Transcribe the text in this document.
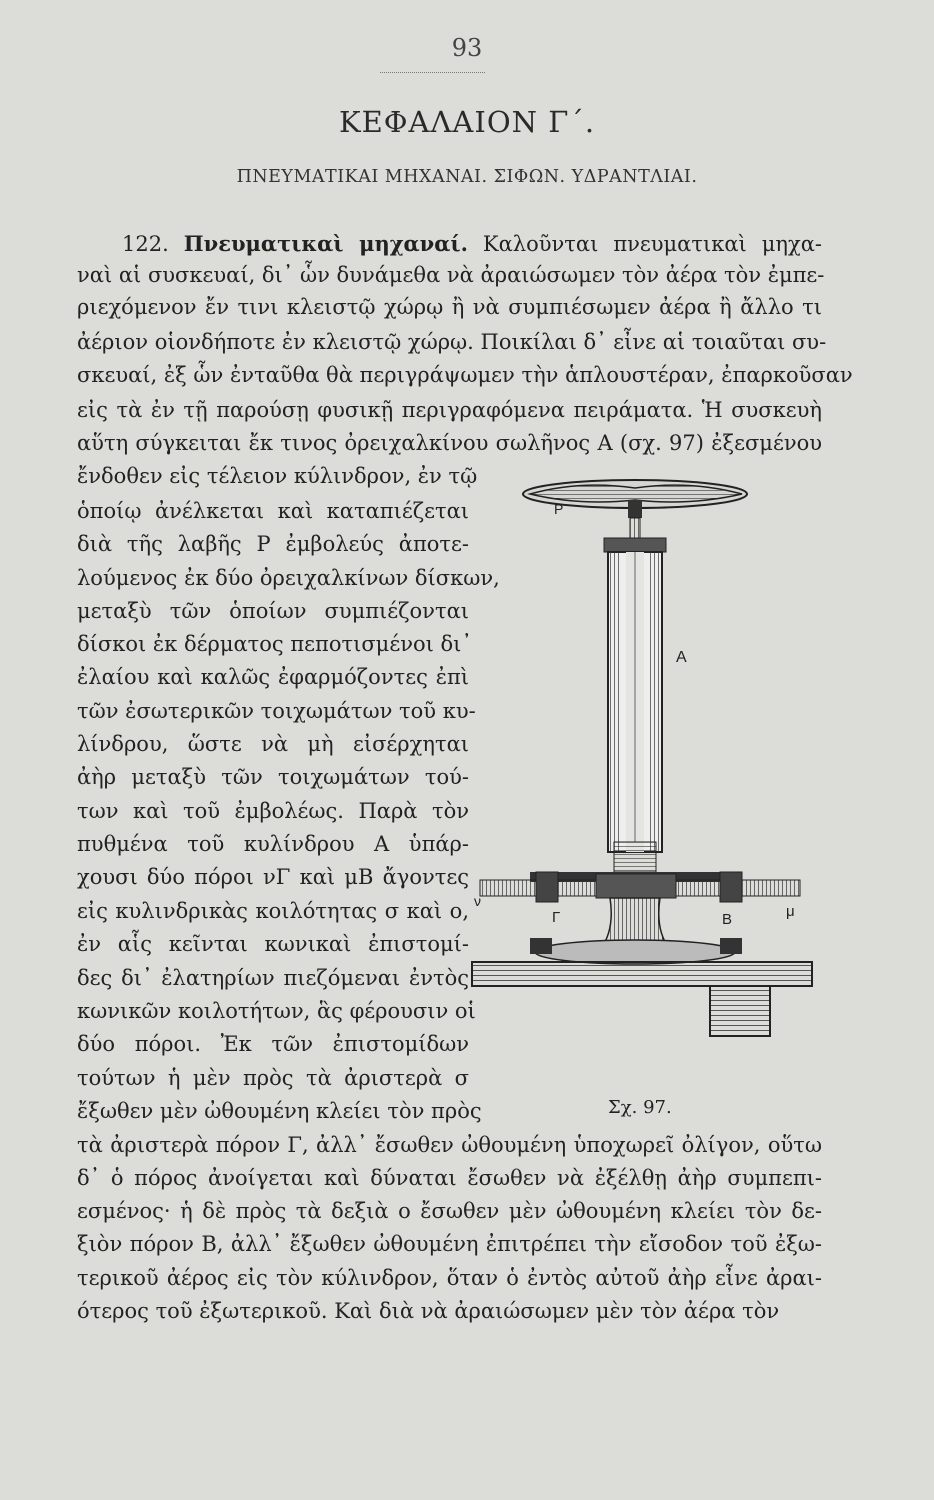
93
ΚΕΦΑΛΑΙΟΝ Γ΄.
ΠΝΕΥΜΑΤΙΚΑΙ ΜΗΧΑΝΑΙ. ΣΙΦΩΝ. ΥΔΡΑΝΤΛΙΑΙ.
122. Πνευματικαὶ μηχαναί. Καλοῦνται πνευματικαὶ μηχα-
ναὶ αἱ συσκευαί, δι᾽ ὧν δυνάμεθα νὰ ἀραιώσωμεν τὸν ἀέρα τὸν ἐμπε-
ριεχόμενον ἔν τινι κλειστῷ χώρῳ ἢ νὰ συμπιέσωμεν ἀέρα ἢ ἄλλο τι
ἀέριον οἱονδήποτε ἐν κλειστῷ χώρῳ. Ποικίλαι δ᾽ εἶνε αἱ τοιαῦται συ-
σκευαί, ἐξ ὧν ἐνταῦθα θὰ περιγράψωμεν τὴν ἁπλουστέραν, ἐπαρκοῦσαν
εἰς τὰ ἐν τῇ παρούσῃ φυσικῇ περιγραφόμενα πειράματα. Ἡ συσκευὴ
αὕτη σύγκειται ἔκ τινος ὀρειχαλκίνου σωλῆνος Α (σχ. 97) ἐξεσμένου
ἔνδοθεν εἰς τέλειον κύλινδρον, ἐν τῷ
ὁποίῳ ἀνέλκεται καὶ καταπιέζεται
διὰ τῆς λαβῆς Ρ ἐμβολεύς ἀποτε-
λούμενος ἐκ δύο ὀρειχαλκίνων δίσκων,
μεταξὺ τῶν ὁποίων συμπιέζονται
δίσκοι ἐκ δέρματος πεποτισμένοι δι᾽
ἐλαίου καὶ καλῶς ἐφαρμόζοντες ἐπὶ
τῶν ἐσωτερικῶν τοιχωμάτων τοῦ κυ-
λίνδρου, ὥστε νὰ μὴ εἰσέρχηται
ἀὴρ μεταξὺ τῶν τοιχωμάτων τού-
των καὶ τοῦ ἐμβολέως. Παρὰ τὸν
πυθμένα τοῦ κυλίνδρου Α ὑπάρ-
χουσι δύο πόροι νΓ καὶ μΒ ἄγοντες
εἰς κυλινδρικὰς κοιλότητας σ καὶ ο,
ἐν αἷς κεῖνται κωνικαὶ ἐπιστομί-
δες δι᾽ ἐλατηρίων πιεζόμεναι ἐντὸς
κωνικῶν κοιλοτήτων, ἃς φέρουσιν οἱ
δύο πόροι. Ἐκ τῶν ἐπιστομίδων
τούτων ἡ μὲν πρὸς τὰ ἀριστερὰ σ
ἔξωθεν μὲν ὠθουμένη κλείει τὸν πρὸς
τὰ ἀριστερὰ πόρον Γ, ἀλλ᾽ ἔσωθεν ὠθουμένη ὑποχωρεῖ ὀλίγον, οὕτω
δ᾽ ὁ πόρος ἀνοίγεται καὶ δύναται ἔσωθεν νὰ ἐξέλθῃ ἀὴρ συμπεπι-
εσμένος· ἡ δὲ πρὸς τὰ δεξιὰ ο ἔσωθεν μὲν ὠθουμένη κλείει τὸν δε-
ξιὸν πόρον Β, ἀλλ᾽ ἔξωθεν ὠθουμένη ἐπιτρέπει τὴν εἴσοδον τοῦ ἐξω-
τερικοῦ ἀέρος εἰς τὸν κύλινδρον, ὅταν ὁ ἐντὸς αὐτοῦ ἀὴρ εἶνε ἀραι-
ότερος τοῦ ἐξωτερικοῦ. Καὶ διὰ νὰ ἀραιώσωμεν μὲν τὸν ἀέρα τὸν
Ρ
Α
Γ	Β	μ
ν
Σχ. 97.
